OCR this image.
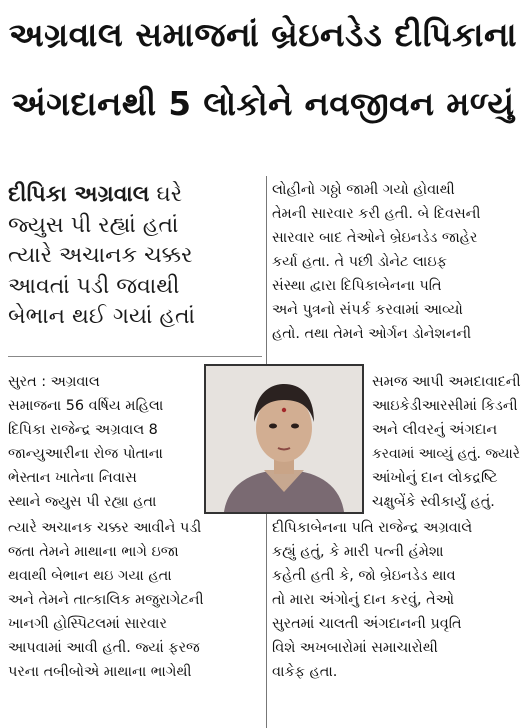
અગ્રવાલ સમાજનાં બ્રેઇનડેડ દીપિકાના
અંગદાનથી 5 લોકોને નવજીવન મળ્યું
દીપિકા અગ્રવાલ ઘરે
જ્યુસ પી રહ્યાં હતાં
ત્યારે અચાનક ચક્કર
આવતાં પડી જવાથી
બેભાન થઈ ગયાં હતાં
લોહીનો ગઠ્ઠો જામી ગયો હોવાથી
તેમની સારવાર કરી હતી. બે દિવસની
સારવાર બાદ તેઓને બ્રેઇનડેડ જાહેર
કર્યા હતા. તે પછી ડોનેટ લાઇફ
સંસ્થા દ્વારા દિપિકાબેનના પતિ
અને પુત્રનો સંપર્ક કરવામાં આવ્યો
હતો. તથા તેમને ઓર્ગન ડોનેશનની
સુરત : અગ્રવાલ
સમાજના 56 વર્ષિય મહિલા
દિપિકા રાજેન્દ્ર અગ્રવાલ 8
જાન્યુઆરીના રોજ પોતાના
ભેસ્તાન ખાતેના નિવાસ
સ્થાને જ્યુસ પી રહ્યા હતા
સમજ આપી અમદાવાદની
આઇકેડીઆરસીમાં કિડની
અને લીવરનું અંગદાન
કરવામાં આવ્યું હતું. જ્યારે
આંખોનું દાન લોકદ્રષ્ટિ
ચક્ષુબેંકે સ્વીકાર્યું હતું.
ત્યારે અચાનક ચક્કર આવીને પડી
જતા તેમને માથાના ભાગે ઇજા
થવાથી બેભાન થઇ ગયા હતા
અને તેમને તાત્કાલિક મજુરાગેટની
ખાનગી હોસ્પિટલમાં સારવાર
આપવામાં આવી હતી. જ્યાં ફરજ
પરના તબીબોએ માથાના ભાગેથી
દીપિકાબેનના પતિ રાજેન્દ્ર અગ્રવાલે
કહ્યું હતું, કે મારી પત્ની હંમેશા
કહેતી હતી કે, જો બ્રેઇનડેડ થાવ
તો મારા અંગોનું દાન કરવું, તેઓ
સુરતમાં ચાલતી અંગદાનની પ્રવૃતિ
વિશે અખબારોમાં સમાચારોથી
વાકેફ હતા.
